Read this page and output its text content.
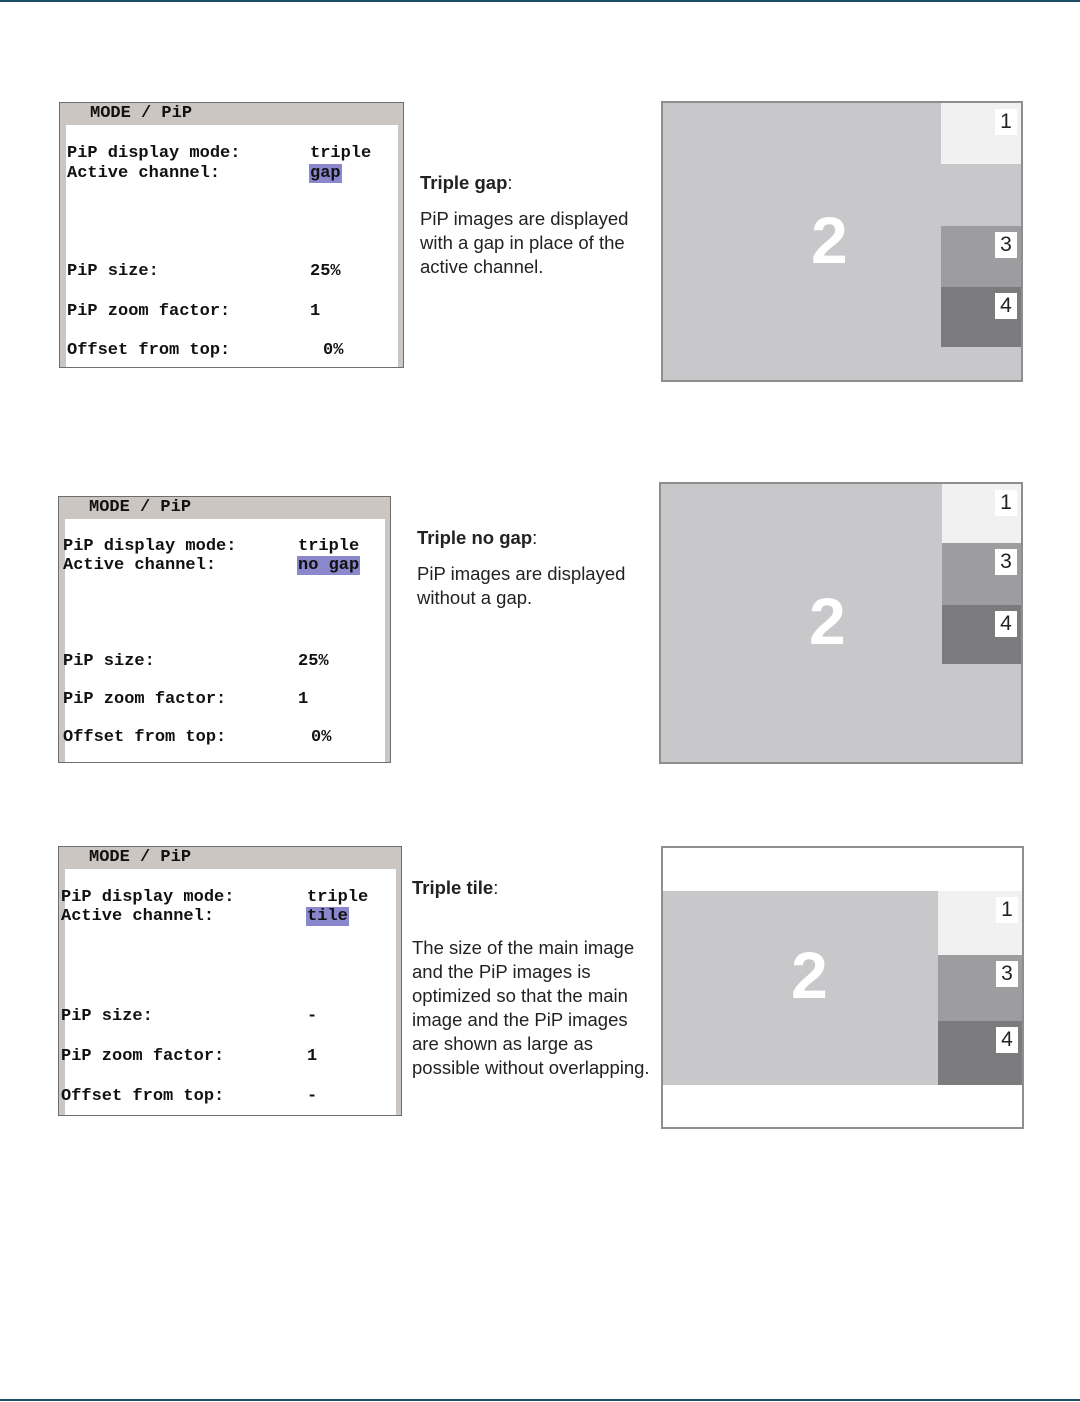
MODE / PiP
PiP display mode:	triple
Active channel:	gap
PiP size:	25%
PiP zoom factor:	1
Offset from top:	0%
Triple gap:
PiP images are displayed with a gap in place of the active channel.	2
1
3
4
MODE / PiP
PiP display mode:	triple
Active channel:	no gap
PiP size:	25%
PiP zoom factor:	1
Offset from top:	0%
Triple no gap:
PiP images are displayed without a gap.	2
1
3
4
MODE / PiP
PiP display mode:	triple
Active channel:	tile
PiP size:	-
PiP zoom factor:	1
Offset from top:	-
Triple tile:
The size of the main image and the PiP images is optimized so that the main image and the PiP images are shown as large as possible without overlapping.
2
1
3
4
